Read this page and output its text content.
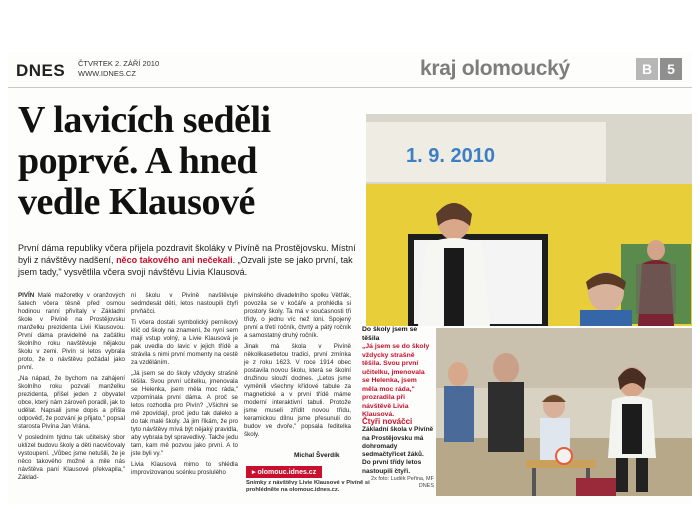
DNES ČTVRTEK 2. ZÁŘÍ 2010
WWW.IDNES.CZ	kraj olomoucký	B	5
V lavicích seděli
poprvé. A hned
vedle Klausové

První dáma republiky včera přijela pozdravit školáky v Pivíně na Prostějovsku. Místní byli z návštěvy nadšení, něco takového ani nečekali. „Ozvali jste se jako první, tak jsem tady," vysvětlila včera svoji návštěvu Livia Klausová.

PIVÍN Malé mažoretky v oranžových šatech včera těsně před osmou hodinou ranní přivítaly v Základní škole v Pivíně na Prostějovsku manželku prezidenta Livii Klausovou. První dáma pravidelně na začátku školního roku navštěvuje nějakou školu v zemi. Pivín si letos vybrala proto, že o návštěvu požádal jako první.

„Na nápad, že bychom na zahájení školního roku pozvali manželku prezidenta, přišel jeden z obyvatel obce, který nám zároveň poradil, jak to udělat. Napsali jsme dopis a přišla odpověď, že pozvání je přijato," popsal starosta Pivína Jan Vrána.

V posledním týdnu tak učitelský sbor uklízel budovu školy a děti nacvičovaly vystoupení. „Vůbec jsme netušili, že je něco takového možné a mile nás návštěva paní Klausové překvapila," Základ-

ní školu v Pivíně navštěvuje sedmdesát dětí, letos nastoupili čtyři prvňáčci.

Ti včera dostali symbolický perníkový klíč od školy na znamení, že nyní sem mají vstup volný, a Livie Klausová je pak uvedla do lavic v jejich třídě a strávila s nimi první momenty na cestě za vzděláním.

„Já jsem se do školy vždycky strašně těšila. Svou první učitelku, jmenovala se Helenka, jsem měla moc ráda," vzpomínala první dáma. A proč se letos rozhodla pro Pivín? „Všichni se mě zpovídají, proč jedu tak daleko a do tak malé školy. Já jim říkám, že pro tyto návštěvy mívá být nějaký pravidla, aby vybrala byl spravedlivý. Takže jedu tam, kam mě pozvou jako první. A to jste byli vy."

Livia Klausová mimo to shlédla improvizovanou scénku proslulého

pivínského divadelního spolku Větřák, povozila se v kočáře a prohlédla si prostory školy. Ta má v současnosti tři třídy, o jednu víc než loni. Spojený první a třetí ročník, čtvrtý a pátý ročník a samostatný druhý ročník.

Jinak má škola v Pivíně několikasetletou tradici, první zmínka je z roku 1623. V roce 1914 obec postavila novou školu, která se školní družinou slouží dodnes. „Letos jsme vyměnili všechny křídové tabule za magnetické a v první třídě máme moderní interaktivní tabuli. Protože jsme museli zřídit novou třídu, keramickou dílnu jsme přesunuli do budov ve dvoře," popsala ředitelka školy.

Michal Šverdík
▸ olomouc.idnes.cz
Snímky z návštěvy Livie Klausové v Pivíně si prohlédněte na olomouc.idnes.cz.
1. 9. 2010
Do školy jsem se těšila
„Já jsem se do školy vždycky strašně těšila. Svou první učitelku, jmenovala se Helenka, jsem měla moc ráda," prozradila při návštěvě Livia Klausová.
Čtyři nováčci
Základní škola v Pivíně na Prostějovsku má dohromady sedmačtyřicet žáků. Do první třídy letos nastoupili čtyři.
2x foto: Luděk Peřina, MF DNES
